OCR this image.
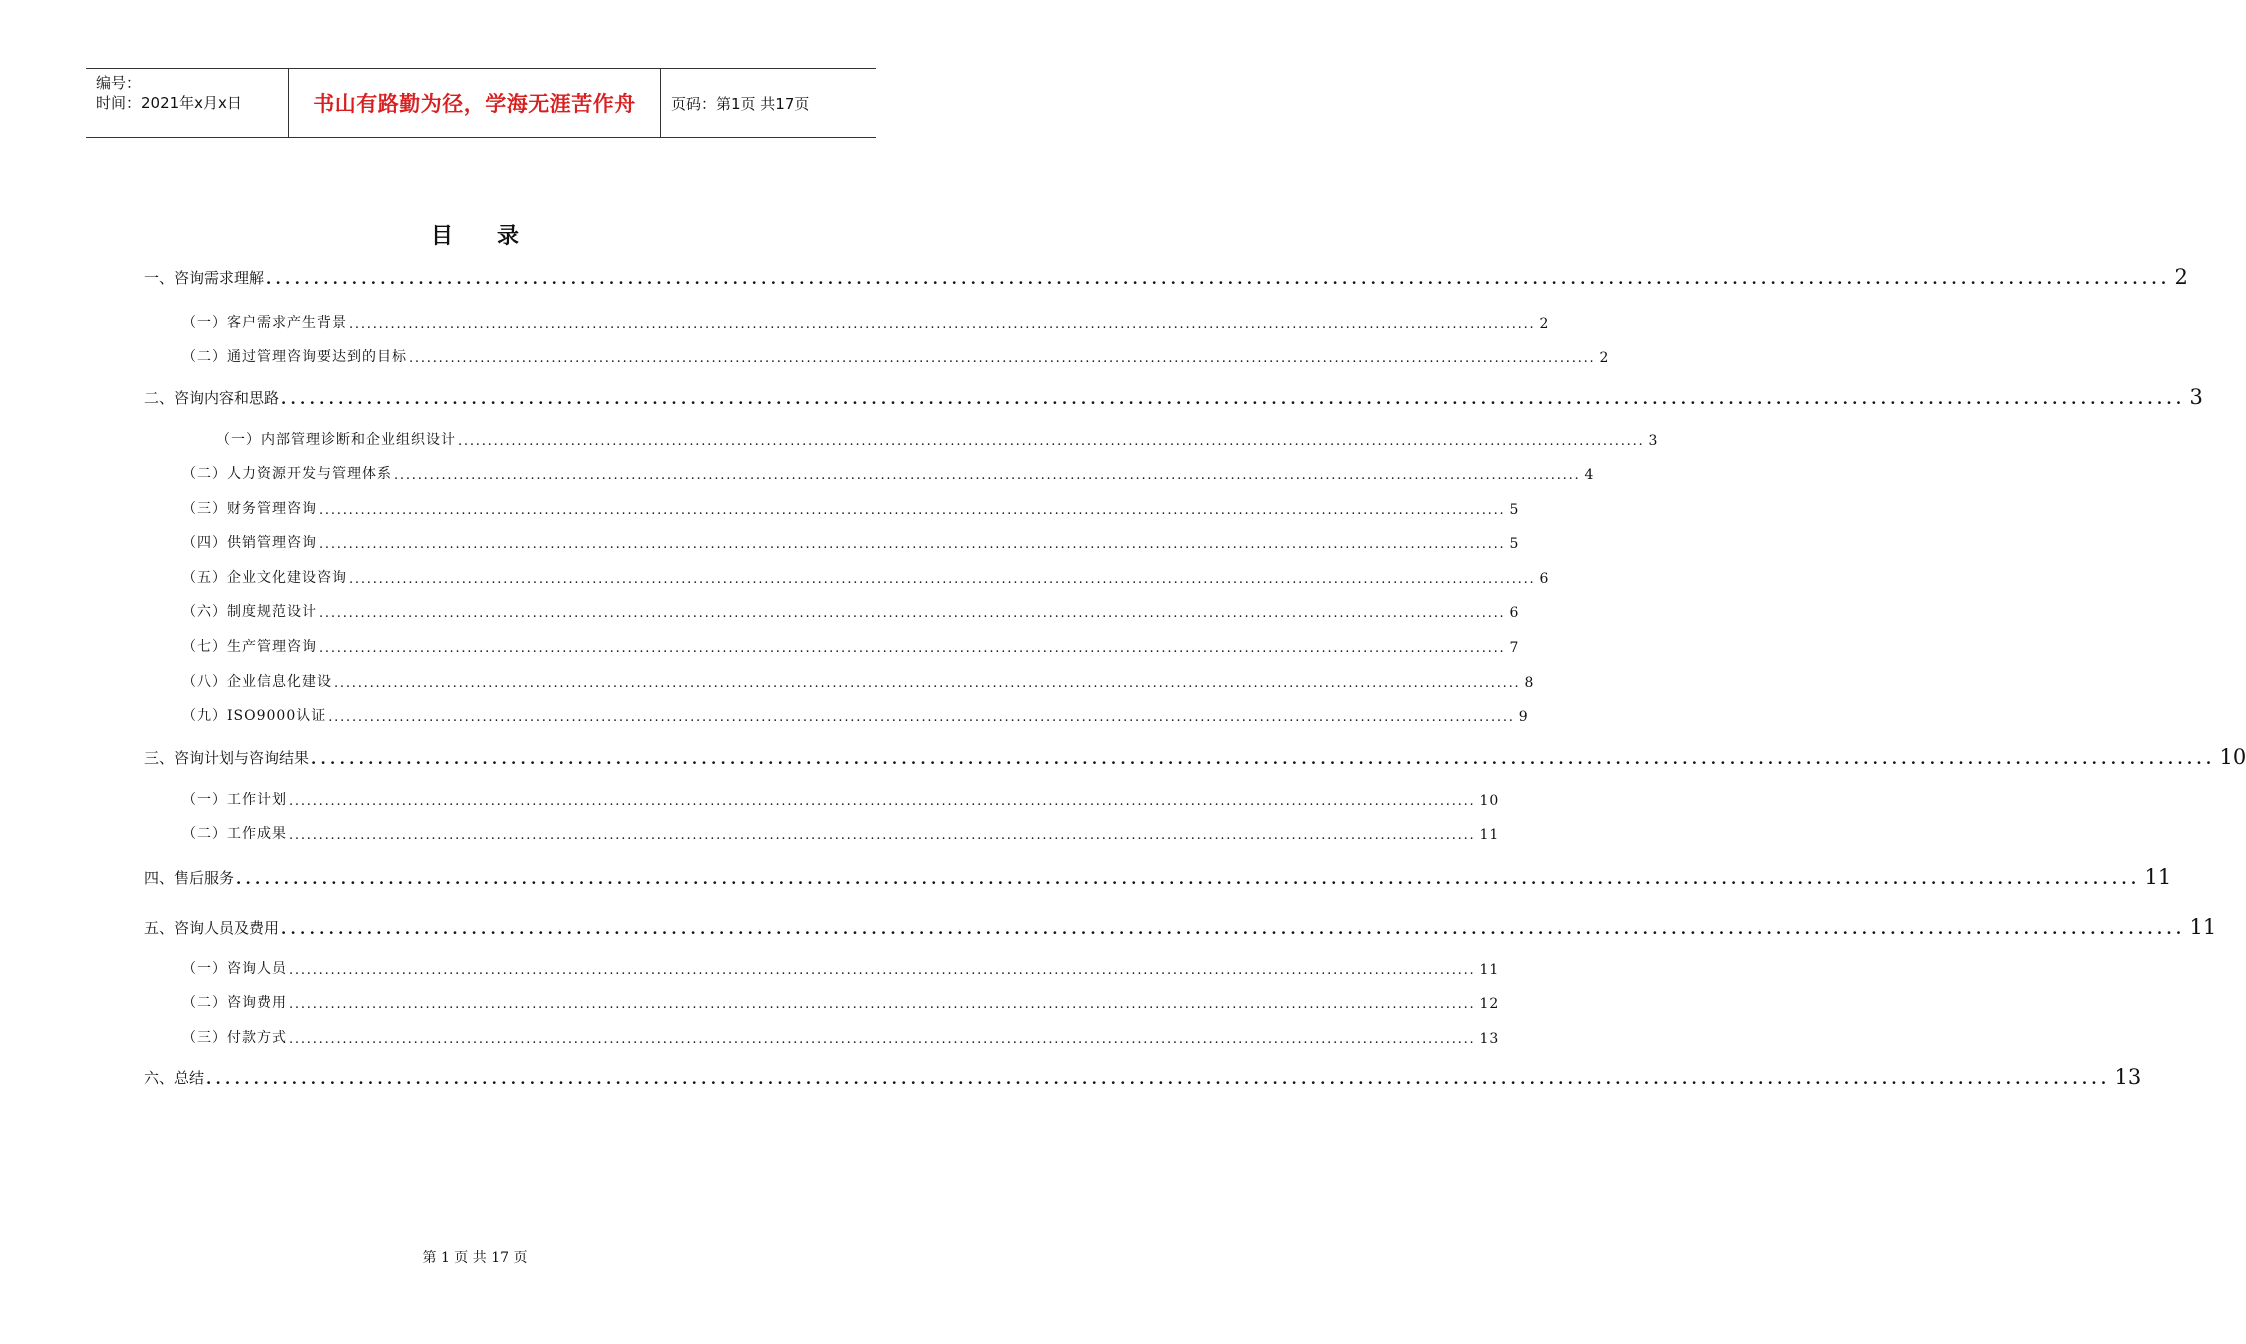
编号：
时间：2021年x月x日	书山有路勤为径，学海无涯苦作舟 页码：第1页 共17页
目录
一、咨询需求理解 ........................................................................................................................................................................................................ 2
（一）客户需求产生背景 ........................................................................................................................................................................................................ 2
（二）通过管理咨询要达到的目标 ........................................................................................................................................................................................................ 2
二、咨询内容和思路 ........................................................................................................................................................................................................ 3
（一）内部管理诊断和企业组织设计 ........................................................................................................................................................................................................ 3
（二）人力资源开发与管理体系 ........................................................................................................................................................................................................ 4
（三）财务管理咨询 ........................................................................................................................................................................................................ 5
（四）供销管理咨询 ........................................................................................................................................................................................................ 5
（五）企业文化建设咨询 ........................................................................................................................................................................................................ 6
（六）制度规范设计 ........................................................................................................................................................................................................ 6
（七）生产管理咨询 ........................................................................................................................................................................................................ 7
（八）企业信息化建设 ........................................................................................................................................................................................................ 8
（九）ISO9000认证 ........................................................................................................................................................................................................ 9
三、咨询计划与咨询结果 ........................................................................................................................................................................................................ 10
（一）工作计划 ........................................................................................................................................................................................................ 10
（二）工作成果 ........................................................................................................................................................................................................ 11
四、售后服务 ........................................................................................................................................................................................................ 11
五、咨询人员及费用 ........................................................................................................................................................................................................ 11
（一）咨询人员 ........................................................................................................................................................................................................ 11
（二）咨询费用 ........................................................................................................................................................................................................ 12
（三）付款方式 ........................................................................................................................................................................................................ 13
六、总结 ........................................................................................................................................................................................................ 13
第 1 页 共 17 页
